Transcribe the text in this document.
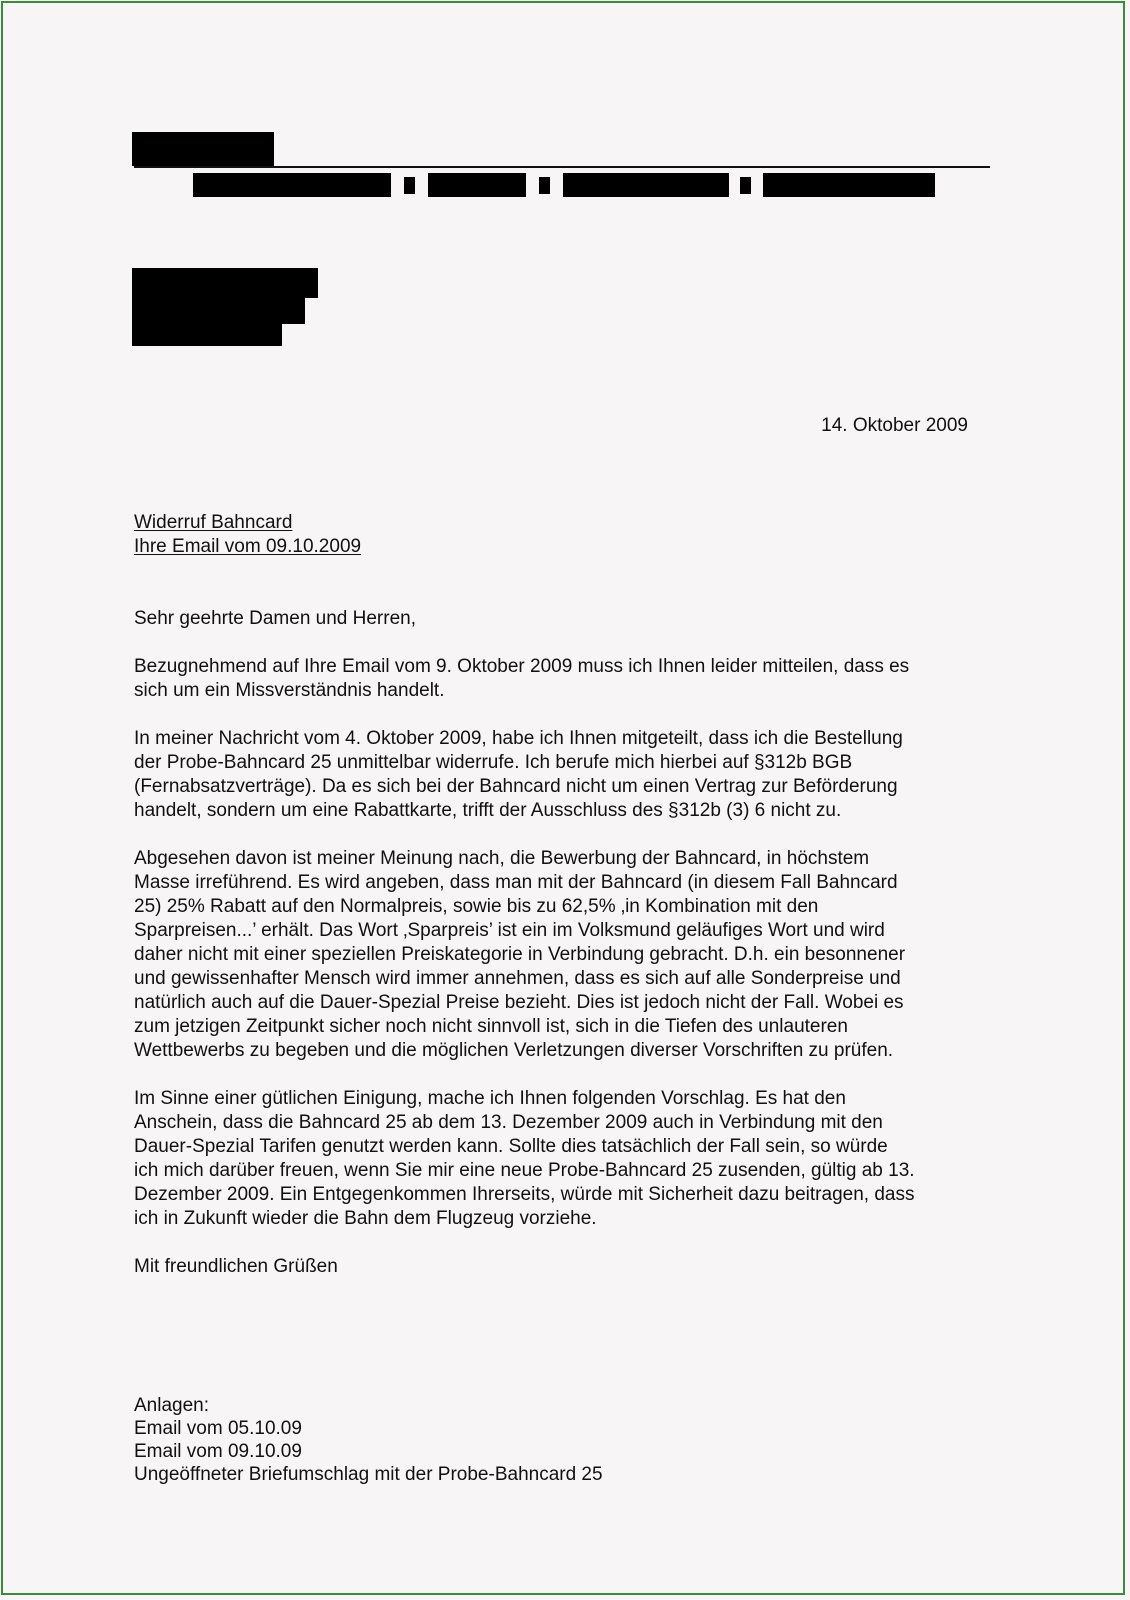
14. Oktober 2009
Widerruf Bahncard
Ihre Email vom 09.10.2009
Sehr geehrte Damen und Herren,
Bezugnehmend auf Ihre Email vom 9. Oktober 2009 muss ich Ihnen leider mitteilen, dass es
sich um ein Missverständnis handelt.
In meiner Nachricht vom 4. Oktober 2009, habe ich Ihnen mitgeteilt, dass ich die Bestellung
der Probe-Bahncard 25 unmittelbar widerrufe. Ich berufe mich hierbei auf §312b BGB
(Fernabsatzverträge). Da es sich bei der Bahncard nicht um einen Vertrag zur Beförderung
handelt, sondern um eine Rabattkarte, trifft der Ausschluss des §312b (3) 6 nicht zu.
Abgesehen davon ist meiner Meinung nach, die Bewerbung der Bahncard, in höchstem
Masse irreführend. Es wird angeben, dass man mit der Bahncard (in diesem Fall Bahncard
25) 25% Rabatt auf den Normalpreis, sowie bis zu 62,5% ‚in Kombination mit den
Sparpreisen...’ erhält. Das Wort ‚Sparpreis’ ist ein im Volksmund geläufiges Wort und wird
daher nicht mit einer speziellen Preiskategorie in Verbindung gebracht. D.h. ein besonnener
und gewissenhafter Mensch wird immer annehmen, dass es sich auf alle Sonderpreise und
natürlich auch auf die Dauer-Spezial Preise bezieht. Dies ist jedoch nicht der Fall. Wobei es
zum jetzigen Zeitpunkt sicher noch nicht sinnvoll ist, sich in die Tiefen des unlauteren
Wettbewerbs zu begeben und die möglichen Verletzungen diverser Vorschriften zu prüfen.
Im Sinne einer gütlichen Einigung, mache ich Ihnen folgenden Vorschlag. Es hat den
Anschein, dass die Bahncard 25 ab dem 13. Dezember 2009 auch in Verbindung mit den
Dauer-Spezial Tarifen genutzt werden kann. Sollte dies tatsächlich der Fall sein, so würde
ich mich darüber freuen, wenn Sie mir eine neue Probe-Bahncard 25 zusenden, gültig ab 13.
Dezember 2009. Ein Entgegenkommen Ihrerseits, würde mit Sicherheit dazu beitragen, dass
ich in Zukunft wieder die Bahn dem Flugzeug vorziehe.
Mit freundlichen Grüßen
Anlagen:
Email vom 05.10.09
Email vom 09.10.09
Ungeöffneter Briefumschlag mit der Probe-Bahncard 25
